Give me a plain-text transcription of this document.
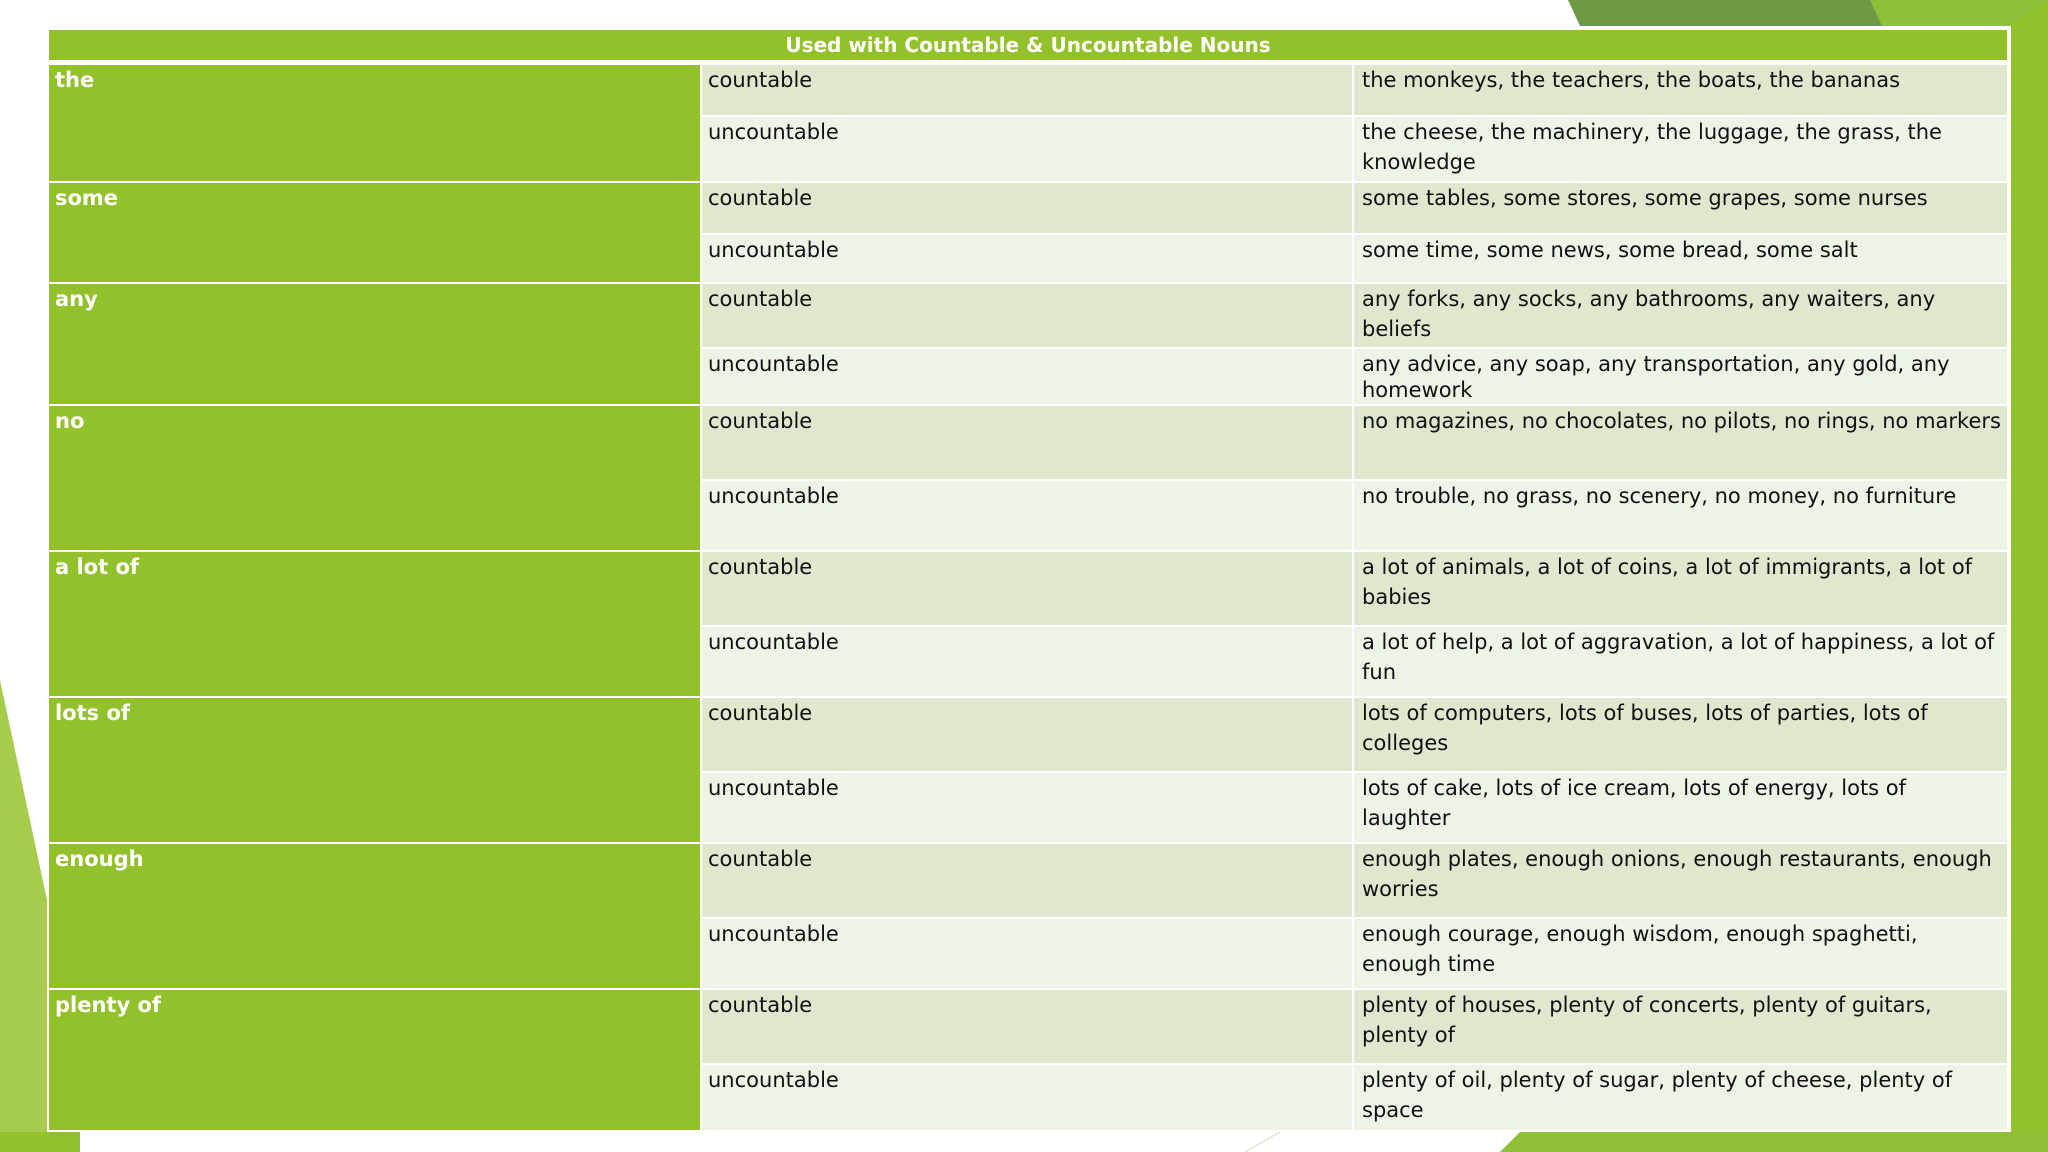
Used with Countable & Uncountable Nouns
the	countable	the monkeys, the teachers, the boats, the bananas
uncountable	the cheese, the machinery, the luggage, the grass, the knowledge
some	countable	some tables, some stores, some grapes, some nurses
uncountable	some time, some news, some bread, some salt
any	countable	any forks, any socks, any bathrooms, any waiters, any beliefs
uncountable	any advice, any soap, any transportation, any gold, any homework
no	countable	no magazines, no chocolates, no pilots, no rings, no markers
uncountable	no trouble, no grass, no scenery, no money, no furniture
a lot of	countable	a lot of animals, a lot of coins, a lot of immigrants, a lot of babies
uncountable	a lot of help, a lot of aggravation, a lot of happiness, a lot of fun
lots of	countable	lots of computers, lots of buses, lots of parties, lots of colleges
uncountable	lots of cake, lots of ice cream, lots of energy, lots of laughter
enough	countable	enough plates, enough onions, enough restaurants, enough worries
uncountable	enough courage, enough wisdom, enough spaghetti, enough time
plenty of	countable	plenty of houses, plenty of concerts, plenty of guitars, plenty of
uncountable	plenty of oil, plenty of sugar, plenty of cheese, plenty of space
